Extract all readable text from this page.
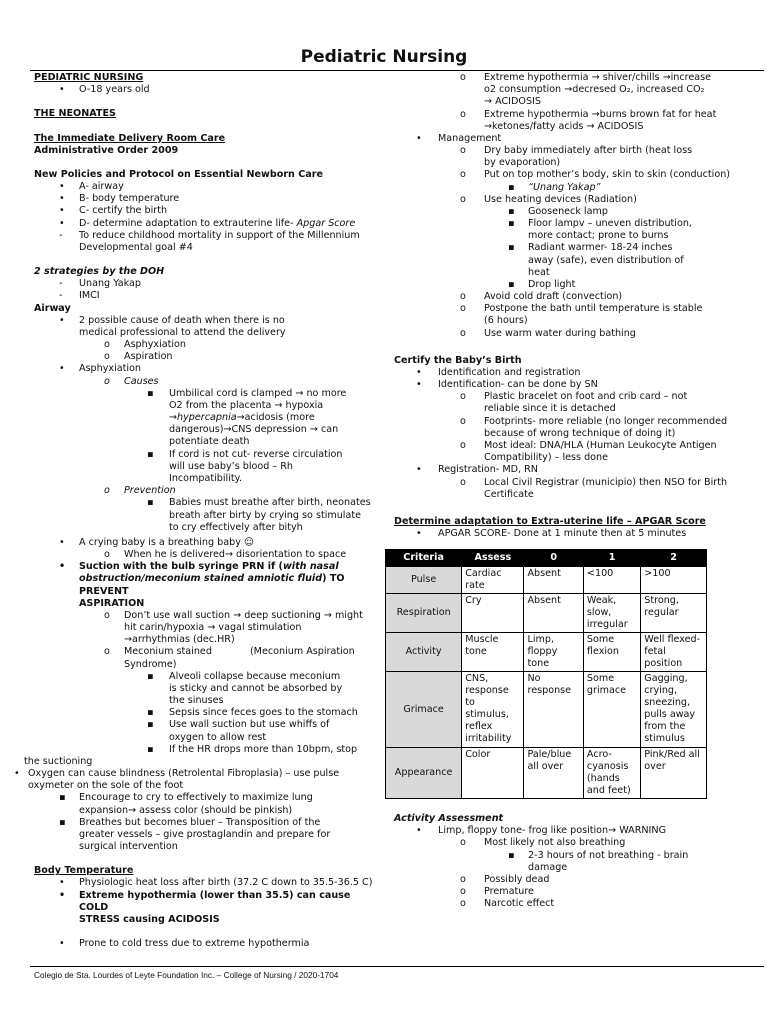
Pediatric Nursing
PEDIATRIC NURSING
• O-18 years old
THE NEONATES
The Immediate Delivery Room Care
Administrative Order 2009
New Policies and Protocol on Essential Newborn Care
• A- airway
• B- body temperature
• C- certify the birth
• D- determine adaptation to extrauterine life- Apgar Score
- To reduce childhood mortality in support of the Millennium
Developmental goal #4
2 strategies by the DOH
- Unang Yakap
- IMCI
Airway
• 2 possible cause of death when there is no
medical professional to attend the delivery
o Asphyxiation
o Aspiration
• Asphyxiation
o Causes
▪ Umbilical cord is clamped → no more
O2 from the placenta → hypoxia
→hypercapnia→acidosis (more
dangerous)→CNS depression → can
potentiate death
▪ If cord is not cut- reverse circulation
will use baby’s blood – Rh
Incompatibility.
o Prevention
▪ Babies must breathe after birth, neonates
breath after birty by crying so stimulate
to cry effectively after bityh
• A crying baby is a breathing baby ☺
o When he is delivered→ disorientation to space
• Suction with the bulb syringe PRN if (with nasal
obstruction/meconium stained amniotic fluid) TO PREVENT
ASPIRATION
o Don’t use wall suction → deep suctioning → might
hit carin/hypoxia → vagal stimulation
→arrhythmias (dec.HR)
o Meconium stained	(Meconium Aspiration
Syndrome)
▪ Alveoli collapse because meconium
is sticky and cannot be absorbed by
the sinuses
▪ Sepsis since feces goes to the stomach
▪ Use wall suction but use whiffs of
oxygen to allow rest
▪ If the HR drops more than 10bpm, stop
the suctioning
• Oxygen can cause blindness (Retrolental Fibroplasia) – use pulse
oxymeter on the sole of the foot
▪ Encourage to cry to effectively to maximize lung
expansion→ assess color (should be pinkish)
▪ Breathes but becomes bluer – Transposition of the
greater vessels – give prostaglandin and prepare for
surgical intervention
Body Temperature
• Physiologic heat loss after birth (37.2 C down to 35.5-36.5 C)
• Extreme hypothermia (lower than 35.5) can cause COLD
STRESS causing ACIDOSIS
• Prone to cold tress due to extreme hypothermia
o Extreme hypothermia → shiver/chills →increase
o2 consumption →decresed O₂, increased CO₂
→ ACIDOSIS
o Extreme hypothermia →burns brown fat for heat
→ketones/fatty acids → ACIDOSIS
• Management
o Dry baby immediately after birth (heat loss
by evaporation)
o Put on top mother’s body, skin to skin (conduction)
▪ “Unang Yakap”
o Use heating devices (Radiation)
▪ Gooseneck lamp
▪ Floor lampv – uneven distribution,
more contact; prone to burns
▪ Radiant warmer- 18-24 inches
away (safe), even distribution of
heat
▪ Drop light
o Avoid cold draft (convection)
o Postpone the bath until temperature is stable
(6 hours)
o Use warm water during bathing
Certify the Baby’s Birth
• Identification and registration
• Identification- can be done by SN
o Plastic bracelet on foot and crib card – not
reliable since it is detached
o Footprints- more reliable (no longer recommended
because of wrong technique of doing it)
o Most ideal: DNA/HLA (Human Leukocyte Antigen
Compatibility) – less done
• Registration- MD, RN
o Local Civil Registrar (municipio) then NSO for Birth
Certificate
Determine adaptation to Extra-uterine life – APGAR Score
• APGAR SCORE- Done at 1 minute then at 5 minutes
Criteria	Assess	0	1	2
Pulse	Cardiac rate	Absent	<100	>100
Respiration	Cry	Absent	Weak, slow, irregular	Strong, regular
Activity	Muscle tone	Limp, floppy tone	Some flexion	Well flexed- fetal position
Grimace	CNS, response to stimulus, reflex irritability	No response	Some grimace	Gagging, crying, sneezing, pulls away from the stimulus
Appearance	Color	Pale/blue all over	Acro- cyanosis (hands and feet)	Pink/Red all over
Activity Assessment
• Limp, floppy tone- frog like position→ WARNING
o Most likely not also breathing
▪ 2-3 hours of not breathing - brain
damage
o Possibly dead
o Premature
o Narcotic effect
Colegio de Sta. Lourdes of Leyte Foundation Inc. – College of Nursing / 2020-1704
